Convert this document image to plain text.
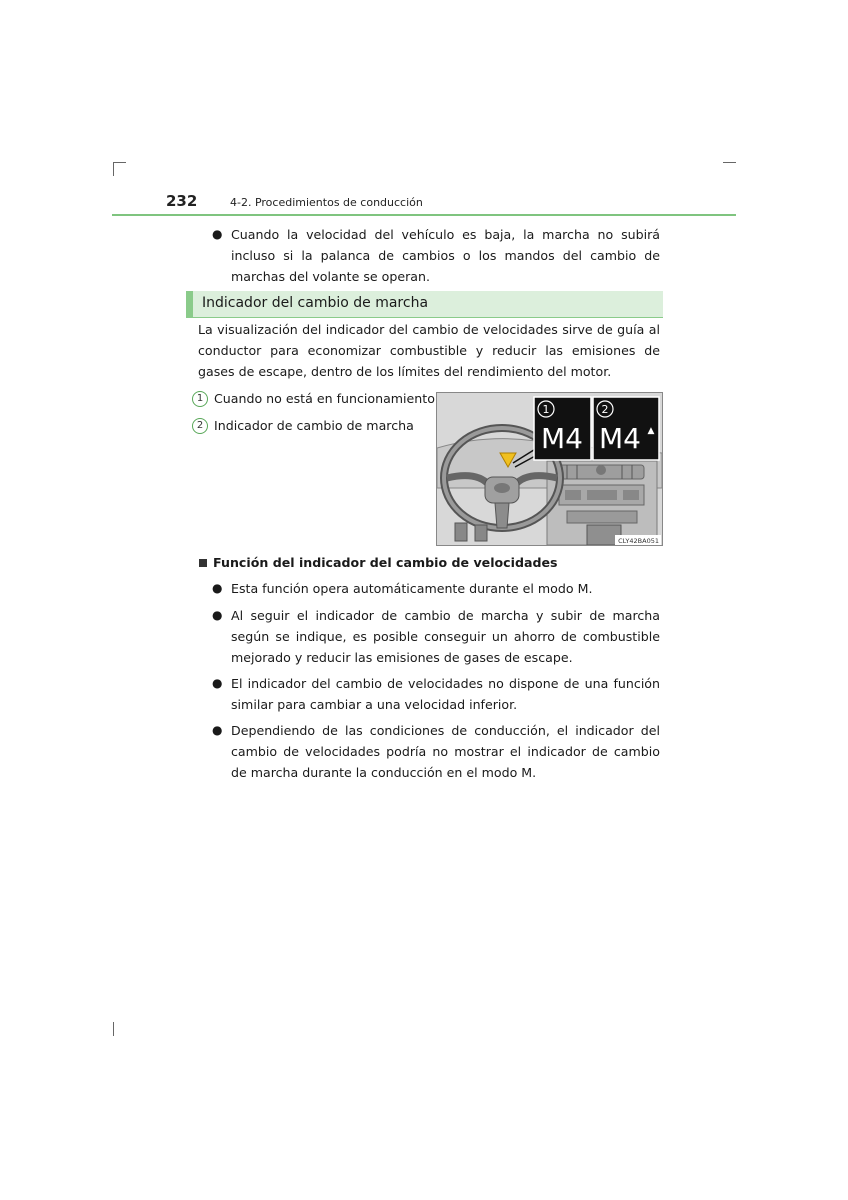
232	4-2. Procedimientos de conducción
● Cuando la velocidad del vehículo es baja, la marcha no subirá incluso si la palanca de cambios o los mandos del cambio de marchas del volante se operan.
Indicador del cambio de marcha
La visualización del indicador del cambio de velocidades sirve de guía al conductor para economizar combustible y reducir las emisiones de gases de escape, dentro de los límites del rendimiento del motor.
1 Cuando no está en funcionamiento
2 Indicador de cambio de marcha
1	2
M4 M4 ▲
CLY42BA051
Función del indicador del cambio de velocidades
● Esta función opera automáticamente durante el modo M.
● Al seguir el indicador de cambio de marcha y subir de marcha según se indique, es posible conseguir un ahorro de combustible mejorado y reducir las emisiones de gases de escape.
● El indicador del cambio de velocidades no dispone de una función similar para cambiar a una velocidad inferior.
● Dependiendo de las condiciones de conducción, el indicador del cambio de velocidades podría no mostrar el indicador de cambio de marcha durante la conducción en el modo M.
